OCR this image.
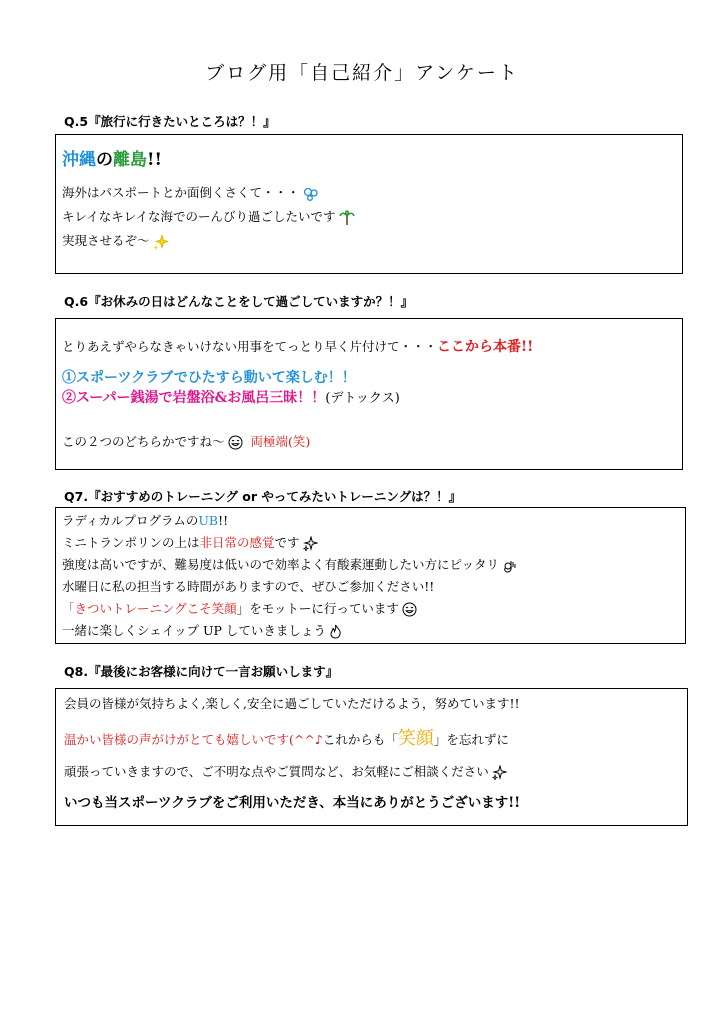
ブログ用「自己紹介」アンケート
Q.5『旅行に行きたいところは？！』
沖縄の離島!!
海外はパスポートとか面倒くさくて・・・
キレイなキレイな海でのーんびり過ごしたいです
実現させるぞ～
Q.6『お休みの日はどんなことをして過ごしていますか？！』
とりあえずやらなきゃいけない用事をてっとり早く片付けて・・・ここから本番!!
①スポーツクラブでひたすら動いて楽しむ！！
②スーパー銭湯で岩盤浴&お風呂三昧！！(デトックス)
この２つのどちらかですね～ 両極端(笑)
Q7.『おすすめのトレーニング or やってみたいトレーニングは？！』
ラディカルプログラムのUB!!
ミニトランポリンの上は非日常の感覚です
強度は高いですが、難易度は低いので効率よく有酸素運動したい方にピッタリ
水曜日に私の担当する時間がありますので、ぜひご参加ください!!
「きついトレーニングこそ笑顔」をモットーに行っています
一緒に楽しくシェイップ UP していきましょう
Q8.『最後にお客様に向けて一言お願いします』
会員の皆様が気持ちよく,楽しく,安全に過ごしていただけるよう，努めています!!
温かい皆様の声がけがとても嬉しいです(^^♪これからも「笑顔」を忘れずに
頑張っていきますので、ご不明な点やご質問など、お気軽にご相談ください
いつも当スポーツクラブをご利用いただき、本当にありがとうございます!!
